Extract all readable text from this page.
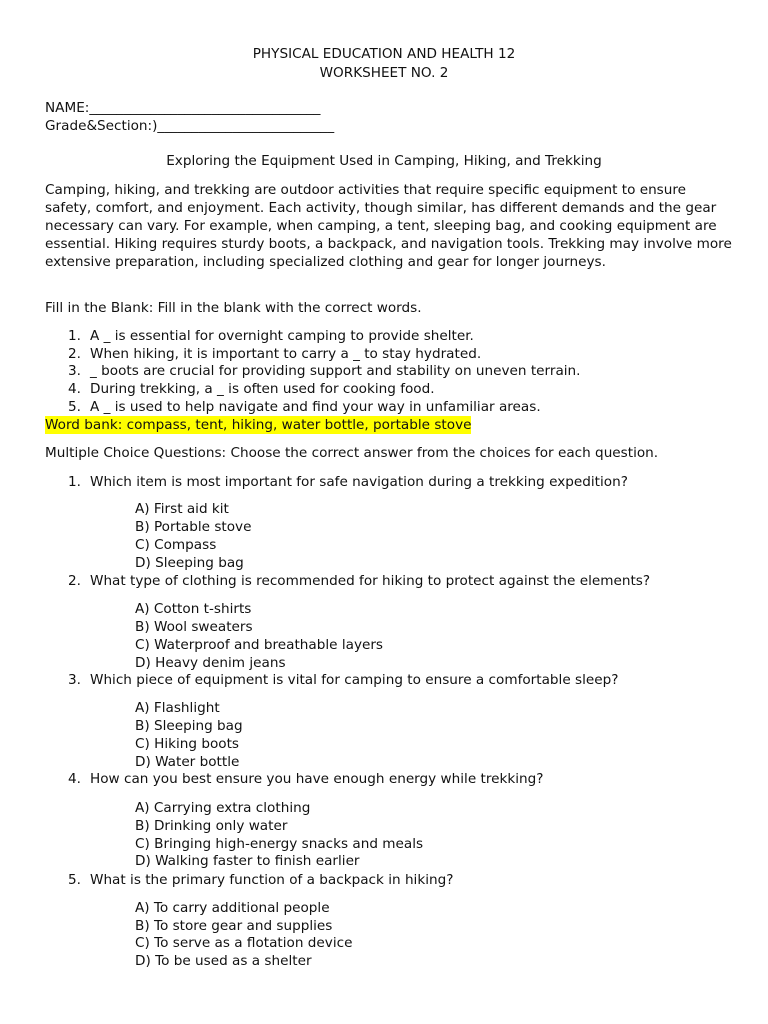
PHYSICAL EDUCATION AND HEALTH 12
WORKSHEET NO. 2
NAME:__________________________________
Grade&Section:)__________________________
Exploring the Equipment Used in Camping, Hiking, and Trekking
Camping, hiking, and trekking are outdoor activities that require specific equipment to ensure safety, comfort, and enjoyment. Each activity, though similar, has different demands and the gear necessary can vary. For example, when camping, a tent, sleeping bag, and cooking equipment are essential. Hiking requires sturdy boots, a backpack, and navigation tools. Trekking may involve more extensive preparation, including specialized clothing and gear for longer journeys.
Fill in the Blank: Fill in the blank with the correct words.
1. A _ is essential for overnight camping to provide shelter.
2. When hiking, it is important to carry a _ to stay hydrated.
3. _ boots are crucial for providing support and stability on uneven terrain.
4. During trekking, a _ is often used for cooking food.
5. A _ is used to help navigate and find your way in unfamiliar areas.
Word bank: compass, tent, hiking, water bottle, portable stove
Multiple Choice Questions: Choose the correct answer from the choices for each question.
1. Which item is most important for safe navigation during a trekking expedition?
A) First aid kit
B) Portable stove
C) Compass
D) Sleeping bag
2. What type of clothing is recommended for hiking to protect against the elements?
A) Cotton t-shirts
B) Wool sweaters
C) Waterproof and breathable layers
D) Heavy denim jeans
3. Which piece of equipment is vital for camping to ensure a comfortable sleep?
A) Flashlight
B) Sleeping bag
C) Hiking boots
D) Water bottle
4. How can you best ensure you have enough energy while trekking?
A) Carrying extra clothing
B) Drinking only water
C) Bringing high-energy snacks and meals
D) Walking faster to finish earlier
5. What is the primary function of a backpack in hiking?
A) To carry additional people
B) To store gear and supplies
C) To serve as a flotation device
D) To be used as a shelter
